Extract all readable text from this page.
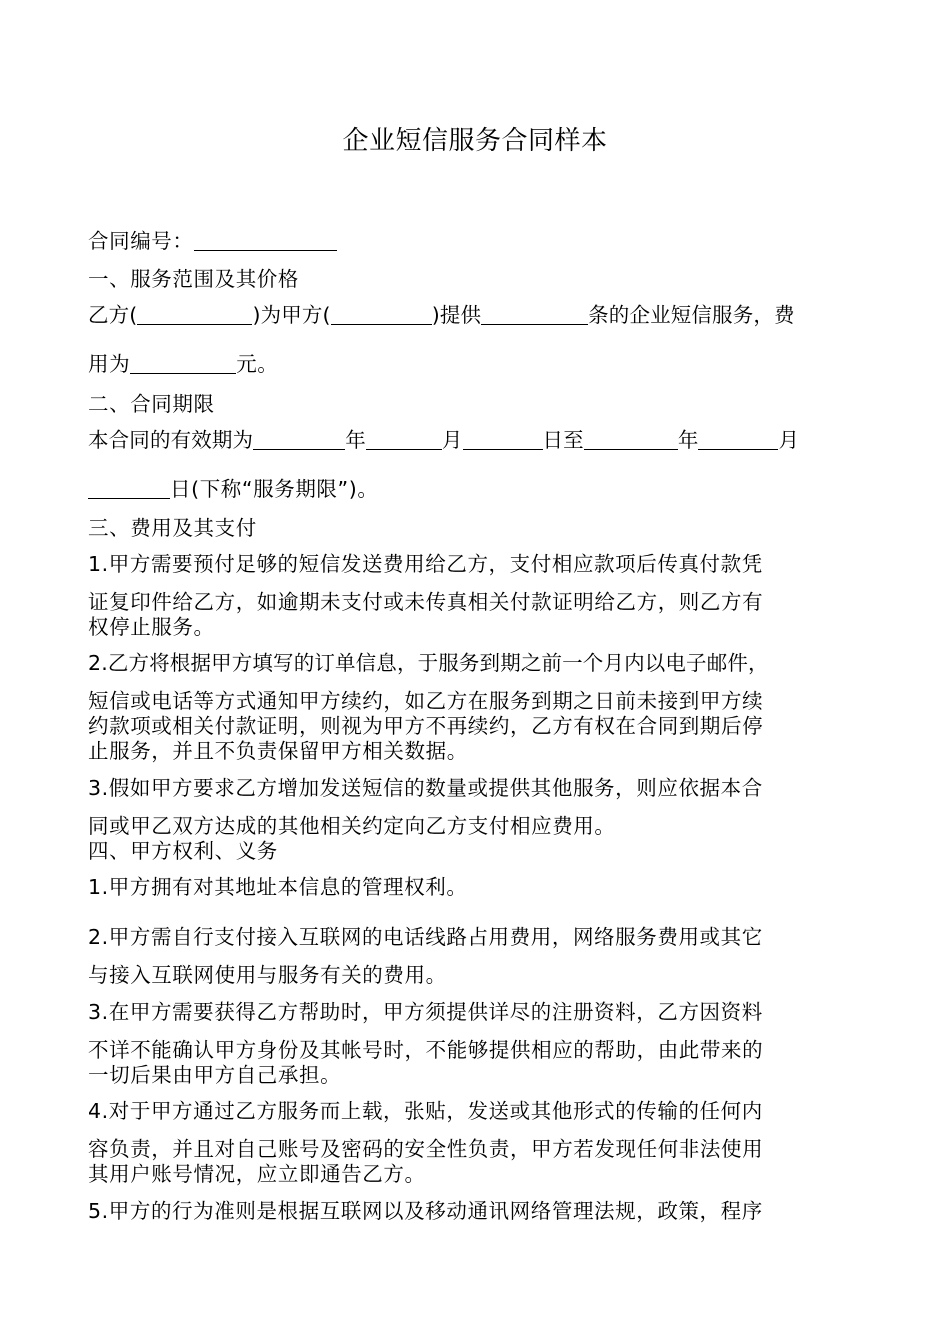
企业短信服务合同样本
合同编号：
一、服务范围及其价格
乙方(	)为甲方(	)提供	条的企业短信服务，费
用为	元。
二、合同期限
本合同的有效期为	年	月	日至	年	月
日(下称“服务期限”)。
三、费用及其支付
1.甲方需要预付足够的短信发送费用给乙方，支付相应款项后传真付款凭
证复印件给乙方，如逾期未支付或未传真相关付款证明给乙方，则乙方有
权停止服务。
2.乙方将根据甲方填写的订单信息，于服务到期之前一个月内以电子邮件，
短信或电话等方式通知甲方续约，如乙方在服务到期之日前未接到甲方续
约款项或相关付款证明，则视为甲方不再续约，乙方有权在合同到期后停
止服务，并且不负责保留甲方相关数据。
3.假如甲方要求乙方增加发送短信的数量或提供其他服务，则应依据本合
同或甲乙双方达成的其他相关约定向乙方支付相应费用。
四、甲方权利、义务
1.甲方拥有对其地址本信息的管理权利。
2.甲方需自行支付接入互联网的电话线路占用费用，网络服务费用或其它
与接入互联网使用与服务有关的费用。
3.在甲方需要获得乙方帮助时，甲方须提供详尽的注册资料，乙方因资料
不详不能确认甲方身份及其帐号时，不能够提供相应的帮助，由此带来的
一切后果由甲方自己承担。
4.对于甲方通过乙方服务而上载，张贴，发送或其他形式的传输的任何内
容负责，并且对自己账号及密码的安全性负责，甲方若发现任何非法使用
其用户账号情况，应立即通告乙方。
5.甲方的行为准则是根据互联网以及移动通讯网络管理法规，政策，程序
